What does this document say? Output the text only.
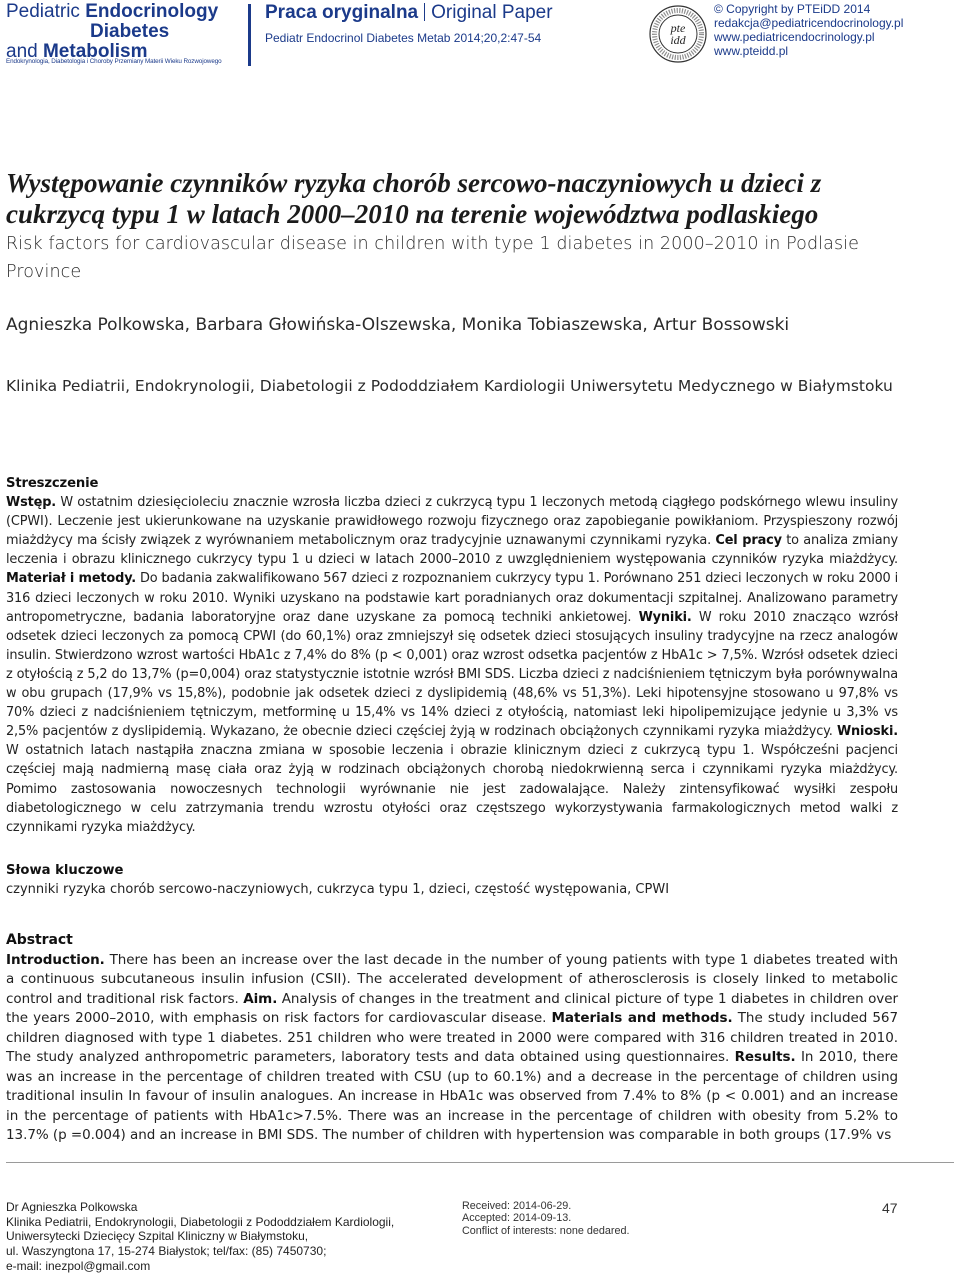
Pediatric Endocrinology
Diabetes
and Metabolism
Endokrynologia, Diabetologia i Choroby Przemiany Materii Wieku Rozwojowego
Praca oryginalna Original Paper
Pediatr Endocrinol Diabetes Metab 2014;20,2:47-54
pte
idd
© Copyright by PTEiDD 2014
redakcja@pediatricendocrinology.pl
www.pediatricendocrinology.pl
www.pteidd.pl
Występowanie czynników ryzyka chorób sercowo-naczyniowych u dzieci z cukrzycą typu 1 w latach 2000–2010 na terenie województwa podlaskiego
Risk factors for cardiovascular disease in children with type 1 diabetes in 2000–2010 in Podlasie Province
Agnieszka Polkowska, Barbara Głowińska-Olszewska, Monika Tobiaszewska, Artur Bossowski
Klinika Pediatrii, Endokrynologii, Diabetologii z Pododdziałem Kardiologii Uniwersytetu Medycznego w Białymstoku
Streszczenie
Wstęp. W ostatnim dziesięcioleciu znacznie wzrosła liczba dzieci z cukrzycą typu 1 leczonych metodą ciągłego podskórnego wlewu insuliny (CPWI). Leczenie jest ukierunkowane na uzyskanie prawidłowego rozwoju fizycznego oraz zapobieganie powikłaniom. Przyspieszony rozwój miażdżycy ma ścisły związek z wyrównaniem metabolicznym oraz tradycyjnie uznawanymi czynnikami ryzyka. Cel pracy to analiza zmiany leczenia i obrazu klinicznego cukrzycy typu 1 u dzieci w latach 2000–2010 z uwzględnieniem występowania czynników ryzyka miażdżycy. Materiał i metody. Do badania zakwalifikowano 567 dzieci z rozpoznaniem cukrzycy typu 1. Porównano 251 dzieci leczonych w roku 2000 i 316 dzieci leczonych w roku 2010. Wyniki uzyskano na podstawie kart poradnianych oraz dokumentacji szpitalnej. Analizowano parametry antropometryczne, badania laboratoryjne oraz dane uzyskane za pomocą techniki ankietowej. Wyniki. W roku 2010 znacząco wzrósł odsetek dzieci leczonych za pomocą CPWI (do 60,1%) oraz zmniejszył się odsetek dzieci stosujących insuliny tradycyjne na rzecz analogów insulin. Stwierdzono wzrost wartości HbA1c z 7,4% do 8% (p < 0,001) oraz wzrost odsetka pacjentów z HbA1c > 7,5%. Wzrósł odsetek dzieci z otyłością z 5,2 do 13,7% (p=0,004) oraz statystycznie istotnie wzrósł BMI SDS. Liczba dzieci z nadciśnieniem tętniczym była porównywalna w obu grupach (17,9% vs 15,8%), podobnie jak odsetek dzieci z dyslipidemią (48,6% vs 51,3%). Leki hipotensyjne stosowano u 97,8% vs 70% dzieci z nadciśnieniem tętniczym, metforminę u 15,4% vs 14% dzieci z otyłością, natomiast leki hipolipemizujące jedynie u 3,3% vs 2,5% pacjentów z dyslipidemią. Wykazano, że obecnie dzieci częściej żyją w rodzinach obciążonych czynnikami ryzyka miażdżycy. Wnioski. W ostatnich latach nastąpiła znaczna zmiana w sposobie leczenia i obrazie klinicznym dzieci z cukrzycą typu 1. Współcześni pacjenci częściej mają nadmierną masę ciała oraz żyją w rodzinach obciążonych chorobą niedokrwienną serca i czynnikami ryzyka miażdżycy. Pomimo zastosowania nowoczesnych technologii wyrównanie nie jest zadowalające. Należy zintensyfikować wysiłki zespołu diabetologicznego w celu zatrzymania trendu wzrostu otyłości oraz częstszego wykorzystywania farmakologicznych metod walki z czynnikami ryzyka miażdżycy.
Słowa kluczowe
czynniki ryzyka chorób sercowo-naczyniowych, cukrzyca typu 1, dzieci, częstość występowania, CPWI
Abstract
Introduction. There has been an increase over the last decade in the number of young patients with type 1 diabetes treated with a continuous subcutaneous insulin infusion (CSII). The accelerated development of atherosclerosis is closely linked to metabolic control and traditional risk factors. Aim. Analysis of changes in the treatment and clinical picture of type 1 diabetes in children over the years 2000–2010, with emphasis on risk factors for cardiovascular disease. Materials and methods. The study included 567 children diagnosed with type 1 diabetes. 251 children who were treated in 2000 were compared with 316 children treated in 2010. The study analyzed anthropometric parameters, laboratory tests and data obtained using questionnaires. Results. In 2010, there was an increase in the percentage of children treated with CSU (up to 60.1%) and a decrease in the percentage of children using traditional insulin In favour of insulin analogues. An increase in HbA1c was observed from 7.4% to 8% (p < 0.001) and an increase in the percentage of patients with HbA1c>7.5%. There was an increase in the percentage of children with obesity from 5.2% to 13.7% (p =0.004) and an increase in BMI SDS. The number of children with hypertension was comparable in both groups (17.9% vs
Dr Agnieszka Polkowska
Klinika Pediatrii, Endokrynologii, Diabetologii z Pododdziałem Kardiologii,
Uniwersytecki Dziecięcy Szpital Kliniczny w Białymstoku,
ul. Waszyngtona 17, 15-274 Białystok; tel/fax: (85) 7450730;
e-mail: inezpol@gmail.com
Received: 2014-06-29.
Accepted: 2014-09-13.
Conflict of interests: none dedared.
47
